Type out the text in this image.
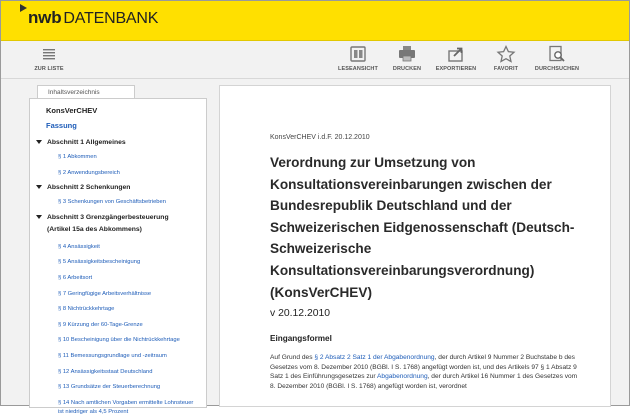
nwb DATENBANK
ZUR LISTE	LESEANSICHT	DRUCKEN	EXPORTIEREN	FAVORIT	DURCHSUCHEN
Inhaltsverzeichnis
KonsVerCHEV
Fassung
Abschnitt 1 Allgemeines
§ 1 Abkommen
§ 2 Anwendungsbereich
Abschnitt 2 Schenkungen
§ 3 Schenkungen von Geschäftsbetrieben
Abschnitt 3 Grenzgängerbesteuerung
(Artikel 15a des Abkommens)
§ 4 Ansässigkeit
§ 5 Ansässigkeitsbescheinigung
§ 6 Arbeitsort
§ 7 Geringfügige Arbeitsverhältnisse
§ 8 Nichtrückkehrtage
§ 9 Kürzung der 60-Tage-Grenze
§ 10 Bescheinigung über die Nichtrückkehrtage
§ 11 Bemessungsgrundlage und -zeitraum
§ 12 Ansässigkeitsstaat Deutschland
§ 13 Grundsätze der Steuerberechnung
§ 14 Nach amtlichen Vorgaben ermittelte Lohnsteuer
ist niedriger als 4,5 Prozent
KonsVerCHEV i.d.F. 20.12.2010
Verordnung zur Umsetzung von Konsultationsvereinbarungen zwischen der Bundesrepublik Deutschland und der Schweizerischen Eidgenossenschaft (Deutsch-Schweizerische Konsultationsvereinbarungsverordnung) (KonsVerCHEV)
v 20.12.2010
Eingangsformel
Auf Grund des § 2 Absatz 2 Satz 1 der Abgabenordnung, der durch Artikel 9 Nummer 2 Buchstabe b des Gesetzes vom 8. Dezember 2010 (BGBl. I S. 1768) angefügt worden ist, und des Artikels 97 § 1 Absatz 9 Satz 1 des Einführungsgesetzes zur Abgabenordnung, der durch Artikel 16 Nummer 1 des Gesetzes vom 8. Dezember 2010 (BGBl. I S. 1768) angefügt worden ist, verordnet
